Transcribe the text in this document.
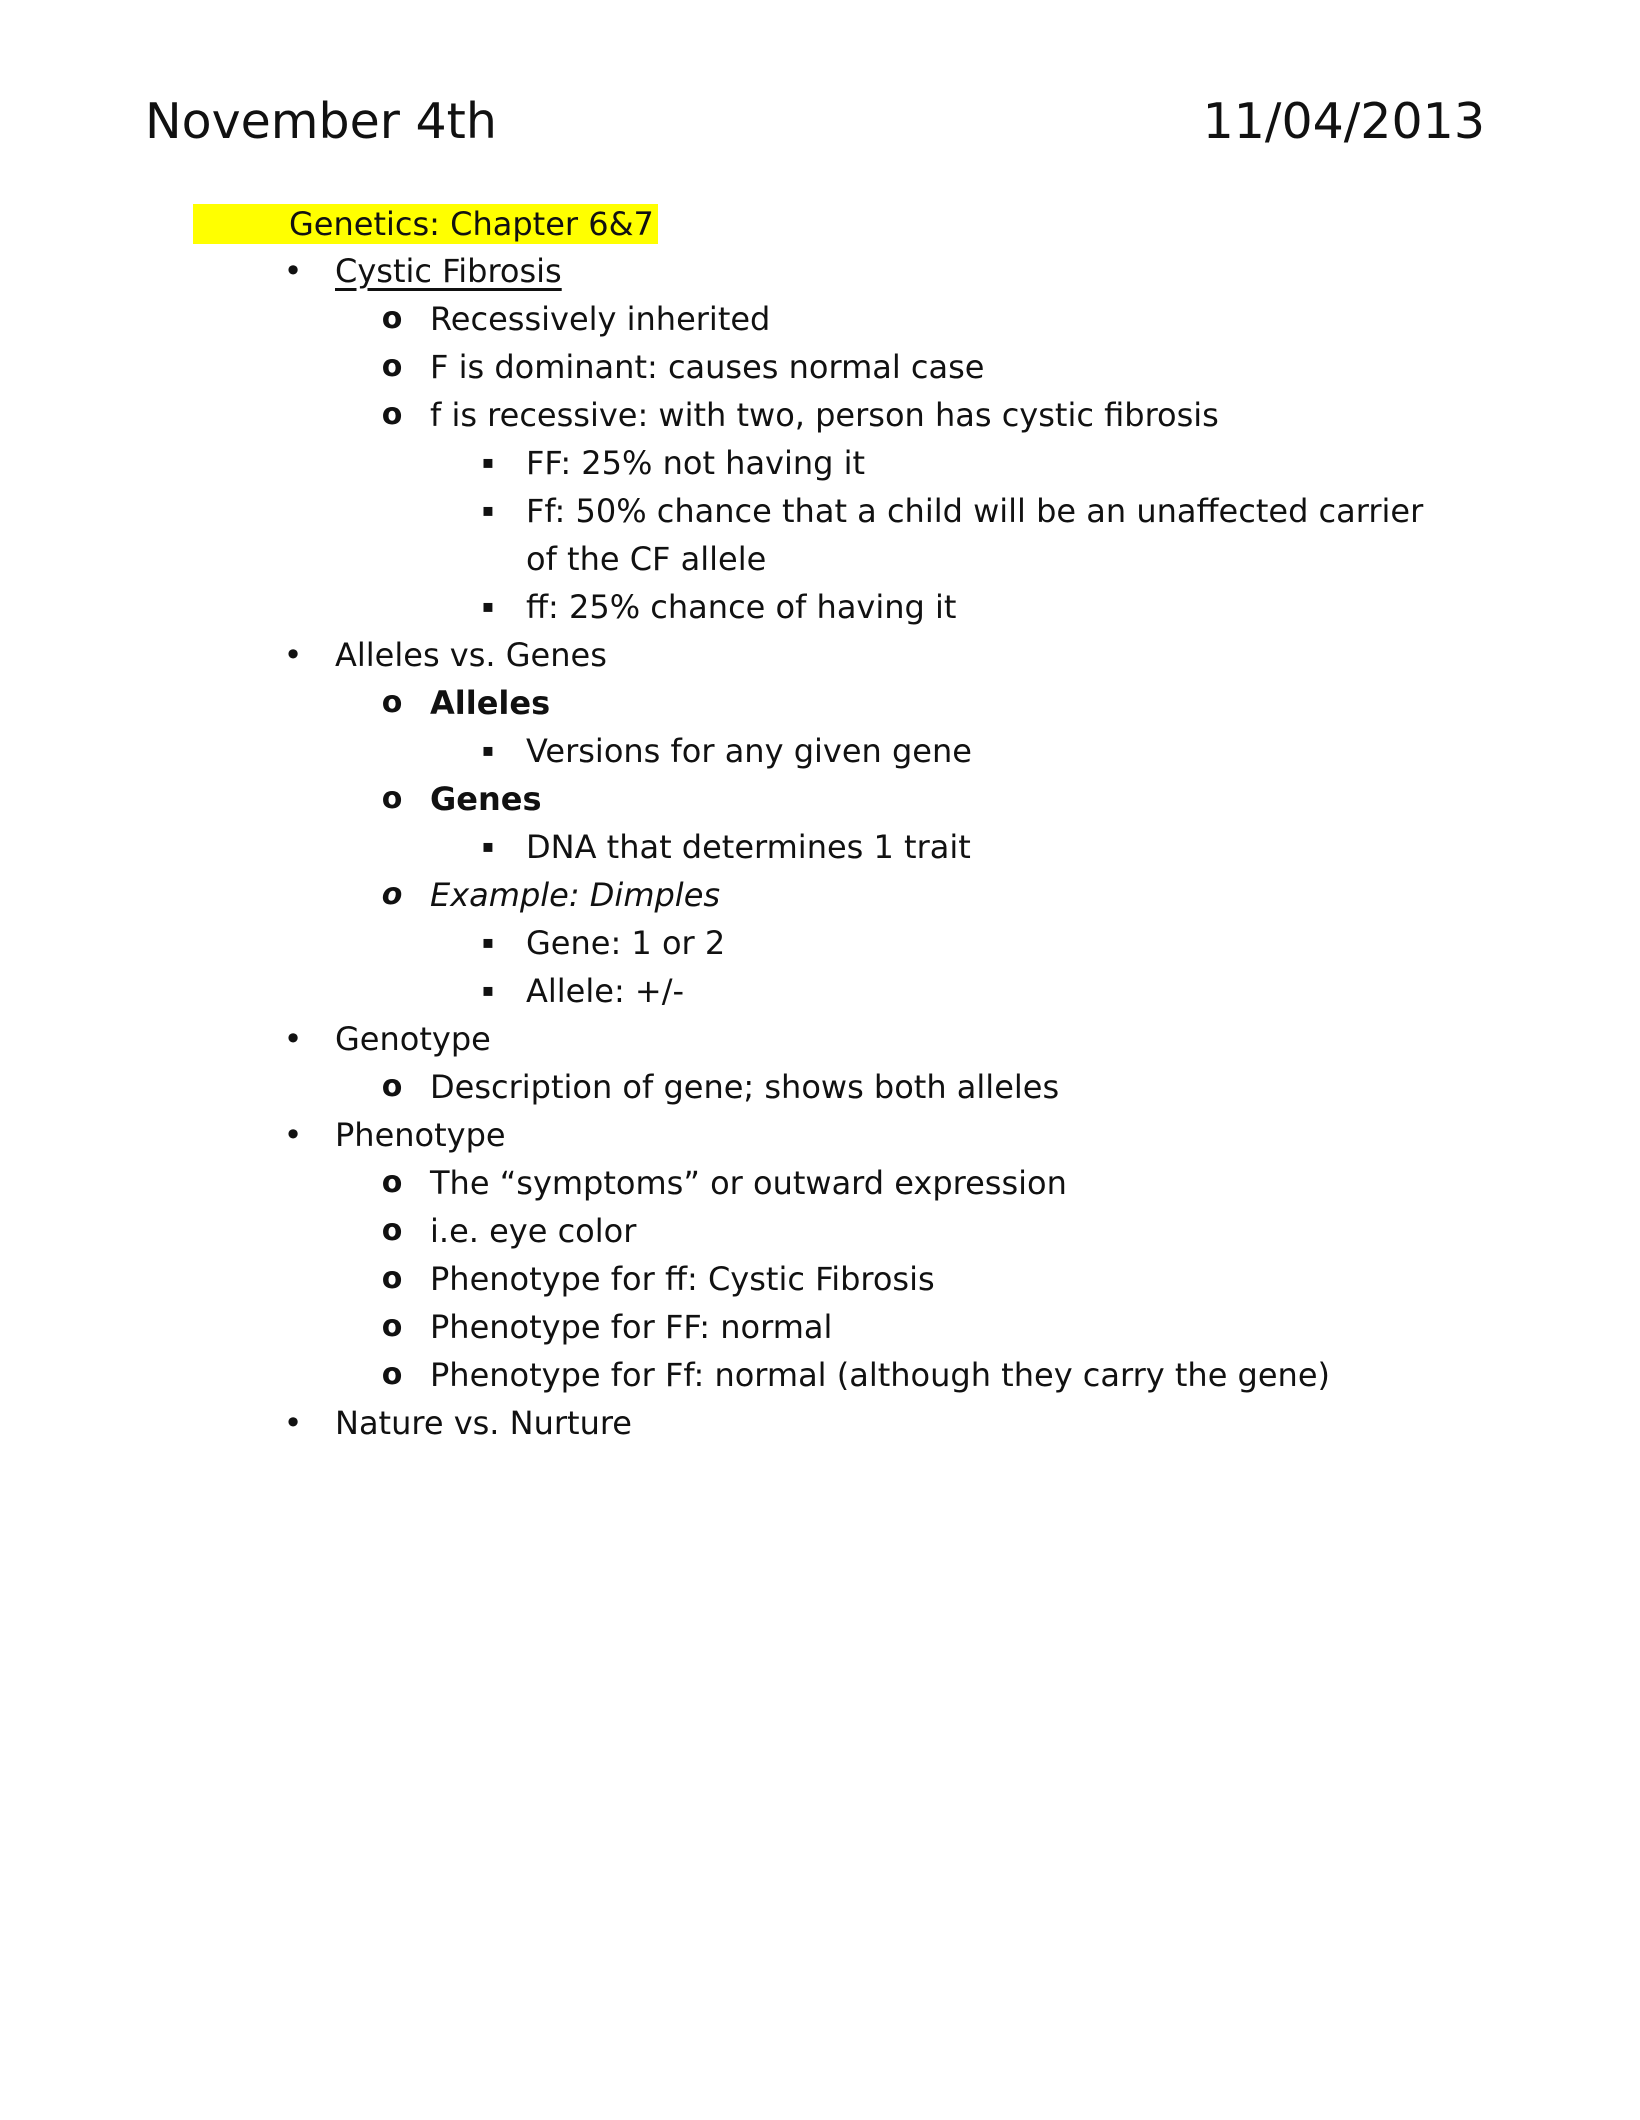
November 4th	11/04/2013
Genetics: Chapter 6&7
• Cystic Fibrosis
o Recessively inherited
o F is dominant: causes normal case
o f is recessive: with two, person has cystic fibrosis
▪ FF: 25% not having it
▪ Ff: 50% chance that a child will be an unaffected carrier
of the CF allele
▪ ff: 25% chance of having it
• Alleles vs. Genes
o Alleles
▪ Versions for any given gene
o Genes
▪ DNA that determines 1 trait
o Example: Dimples
▪ Gene: 1 or 2
▪ Allele: +/-
• Genotype
o Description of gene; shows both alleles
• Phenotype
o The “symptoms” or outward expression
o i.e. eye color
o Phenotype for ff: Cystic Fibrosis
o Phenotype for FF: normal
o Phenotype for Ff: normal (although they carry the gene)
• Nature vs. Nurture
